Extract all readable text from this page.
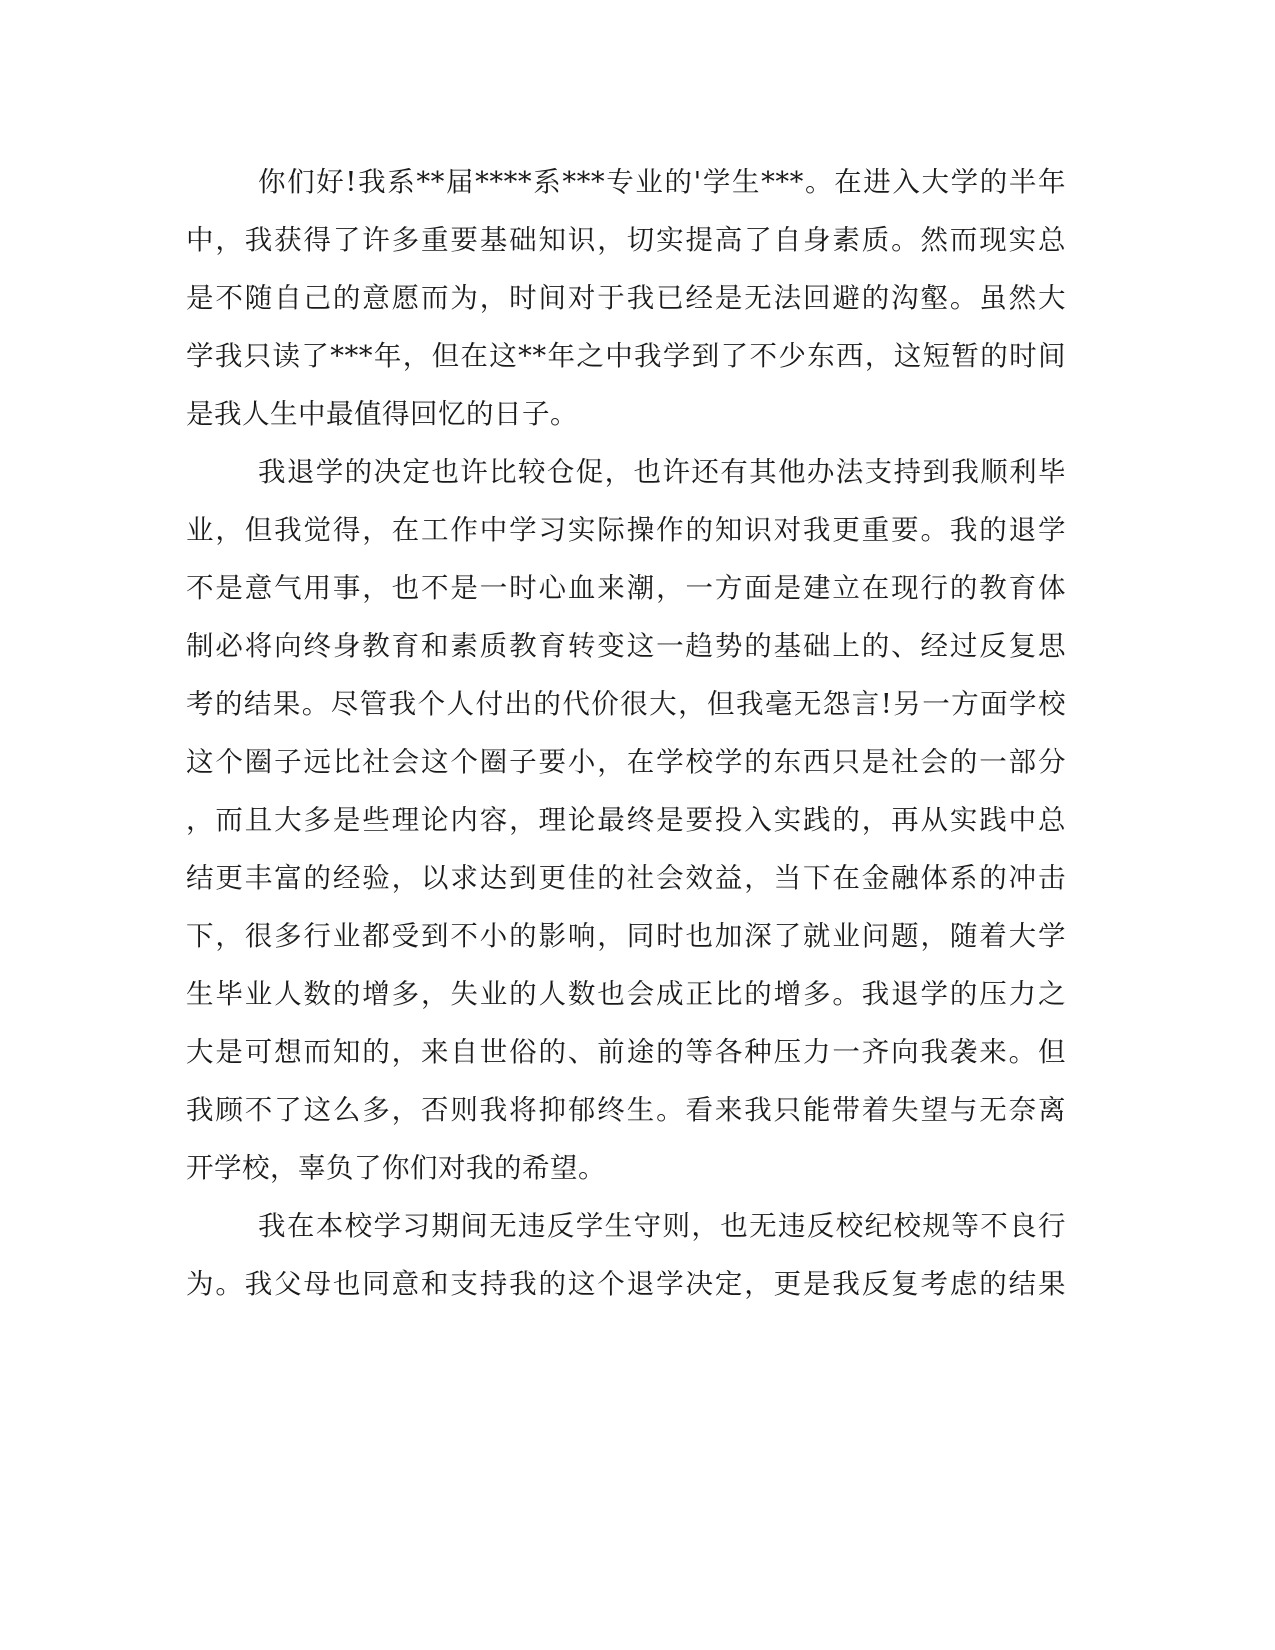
你们好!我系**届****系***专业的'学生***。在进入大学的半年
中，我获得了许多重要基础知识，切实提高了自身素质。然而现实总
是不随自己的意愿而为，时间对于我已经是无法回避的沟壑。虽然大
学我只读了***年，但在这**年之中我学到了不少东西，这短暂的时间
是我人生中最值得回忆的日子。
我退学的决定也许比较仓促，也许还有其他办法支持到我顺利毕
业，但我觉得，在工作中学习实际操作的知识对我更重要。我的退学
不是意气用事，也不是一时心血来潮，一方面是建立在现行的教育体
制必将向终身教育和素质教育转变这一趋势的基础上的、经过反复思
考的结果。尽管我个人付出的代价很大，但我毫无怨言!另一方面学校
这个圈子远比社会这个圈子要小，在学校学的东西只是社会的一部分
，而且大多是些理论内容，理论最终是要投入实践的，再从实践中总
结更丰富的经验，以求达到更佳的社会效益，当下在金融体系的冲击
下，很多行业都受到不小的影响，同时也加深了就业问题，随着大学
生毕业人数的增多，失业的人数也会成正比的增多。我退学的压力之
大是可想而知的，来自世俗的、前途的等各种压力一齐向我袭来。但
我顾不了这么多，否则我将抑郁终生。看来我只能带着失望与无奈离
开学校，辜负了你们对我的希望。
我在本校学习期间无违反学生守则，也无违反校纪校规等不良行
为。我父母也同意和支持我的这个退学决定，更是我反复考虑的结果
